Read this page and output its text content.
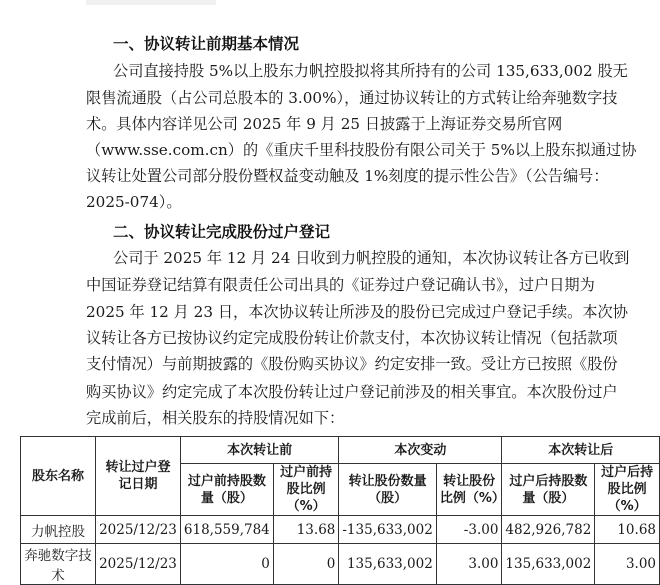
一、协议转让前期基本情况
公司直接持股 5%以上股东力帆控股拟将其所持有的公司 135,633,002 股无
限售流通股（占公司总股本的 3.00%），通过协议转让的方式转让给奔驰数字技
术。具体内容详见公司 2025 年 9 月 25 日披露于上海证券交易所官网
（www.sse.com.cn）的《重庆千里科技股份有限公司关于 5%以上股东拟通过协
议转让处置公司部分股份暨权益变动触及 1%刻度的提示性公告》（公告编号：
2025-074）。
二、协议转让完成股份过户登记
公司于 2025 年 12 月 24 日收到力帆控股的通知，本次协议转让各方已收到
中国证券登记结算有限责任公司出具的《证券过户登记确认书》，过户日期为
2025 年 12 月 23 日，本次协议转让所涉及的股份已完成过户登记手续。本次协
议转让各方已按协议约定完成股份转让价款支付，本次协议转让情况（包括款项
支付情况）与前期披露的《股份购买协议》约定安排一致。受让方已按照《股份
购买协议》约定完成了本次股份转让过户登记前涉及的相关事宜。本次股份过户
完成前后，相关股东的持股情况如下：
股东名称	转让过户登记日期	本次转让前		本次变动		本次转让后	
		过户前持股数量（股）	过户前持股比例（%）	转让股份数量（股）	转让股份比例（%）	过户后持股数量（股）	过户后持股比例（%）
力帆控股	2025/12/23	618,559,784	13.68	-135,633,002	-3.00	482,926,782	10.68
奔驰数字技术	2025/12/23	0	0	135,633,002	3.00	135,633,002	3.00
